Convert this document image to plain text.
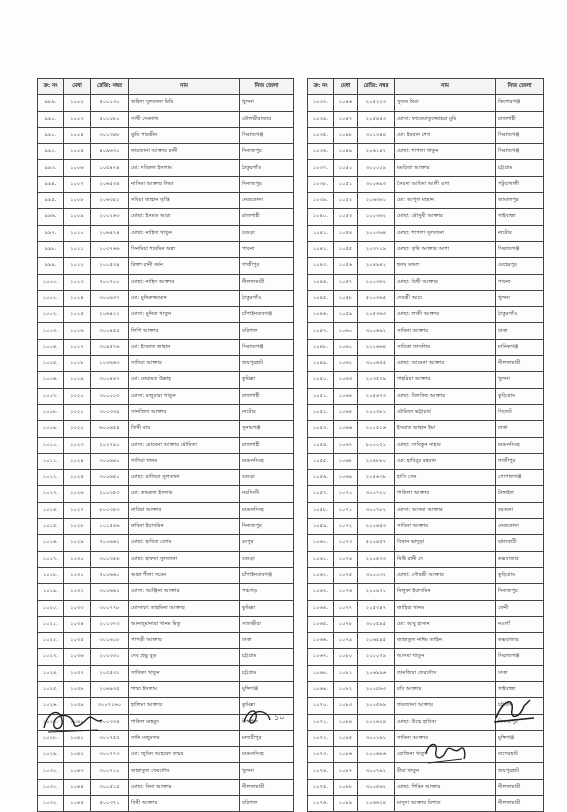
ক্র: নং	মেধা	রেজি: নম্বর	নাম	নিজ জেলা
৯৮৯.	১০০২	৫০০১৩০	অহিদা সুলতানা মিমি	খুলনা
৯৯০.	১০০৩	৫০০০৮০	সাথী দেবনাথ	মৌলভীবাজার
৯৯১.	১০০৪	৩০১৩৪৮	ঝুমি পারভীন	সিরাজগঞ্জ
৯৯২.	১০০৫	৪০৯৬৩১	ফারজানা আক্তার রানী	দিনাজপুর
৯৯৩.	১০০৬	১০৫৪৭৪	মো: দবিরুল ইসলাম	ঠাকুরগাঁও
৯৯৪.	১০০৭	২০৬৫৩৪	নাসিমা আক্তার লিমা	দিনাজপুর
৯৯৫.	১০০৮	২০৬৩৫২	সবিয়া জাহান তৃপ্তি	নেত্রকোনা
৯৯৬.	১০০৯	২০০২৬৩	মোছা: ইসমত আরা	রাজশাহী
৯৯৭.	১০১০	২০৬৪৭৪	মোছা: নাহিদা খাতুন	বগুড়া
৯৯৮.	১০১১	১০৩৭৬৬	সিনমিয়া শারমিন অন্না	পাবনা
৯৯৯.	১০১২	২০০৫৩৪	রিক্তা রানী বর্মন	গাজীপুর
১০০০.	১০১৩	৭০০৭০০	মোছা: নাহিদ আক্তার	নীলফামারী
১০০১.	১০১৪	৩০০৬৩৭	মো: মুনিরুজ্জামান	ঠাকুরগাঁও
১০০২.	১০১৫	২০৬৪২২	মোসা: মুনিরা খাতুন	চাঁপাইনবাবগঞ্জ
১০০৩.	১০১৬	৩০০৪৫৫	লিপি আক্তার	বরিশাল
১০০৪.	১০১৭	৩০৪৫৭৬	মো: ইসরাত জাহান	সিরাজগঞ্জ
১০০৫.	১০১৮	১০৩৬৬৩	সাদিয়া আক্তার	জয়পুরহাট
১০০৬.	১০১৯	৩০০৪৪৭	মো: নেয়ামত উল্লাহ	কুমিল্লা
১০০৭.	১০২০	৩০০০০৩	মোসা: মজুয়ারা খাতুন	রাজশাহী
১০০৮.	১০২১	৩০০৩৩৯	সানজিদা আক্তার	নাটোর
১০০৯.	১০২২	৬০০৬৫৪	তিথী রায়	সুনামগঞ্জ
১০১০.	১০২৩	২০২৭৯১	মোসা: মোমেনা আক্তার মৌমিতা	রাজশাহী
১০১১.	১০২৪	৩০০৬৪০	সাদিয়া খানম	ময়মনসিংহ
১০১২.	১০২৫	৩০০৬৫০	মোছা: রাজিয়া সুলতানা	বগুড়া
১০১৩.	১০২৬	২০০৩৫৩	মো: কামরুল ইসলাম	নরসিংদী
১০১৪.	১০২৭	৮০০৩৫৩	নাবিরা আক্তার	ময়মনসিংহ
১০১৫.	১০২৮	১০১৫৪৬	রুবিনা ইয়াসমিন	দিনাজপুর
১০১৬.	১০২৯	৭০০৬৬১	মোছা: হাবিবা বেগম	রংপুর
১০১৭.	১০৩০	৩০০৩৫৬	মোছা: হাফছা সুলতানা	বগুড়া
১০১৮.	১০৩১	৭০০৬৬০	আন্না শীলা সরেন	চাঁপাইনবাবগঞ্জ
১০১৯.	১০৩২	৩০০৬৬১	মোসা: আঞ্জিনা আক্তার	পঞ্চগড়
১০২০.	১০৩৩	৩০০৭৭৮	মোসাম্মৎ তাহমিনা আক্তার	কুমিল্লা
১০২১.	১০৩৪	২০১৩৭৩	আনজুমানারা খানম মিতু	সাতক্ষীরা
১০২২.	১০৩৫	৩০১৬১৮	পাপড়ী আক্তার	ঢাকা
১০২৩.	১০৩৬	২০০৩৩০	দেব প্রভু বুড়	চট্টগ্রাম
১০২৪.	১০৩৭	২০৩৫৩১	সাকিকা খাতুন	চট্টগ্রাম
১০২৫.	১০৩৮	২০৬৯৩৫	শাম্মা ইসলাম	মুন্সিগঞ্জ
১০২৬.	১০৩৯	৩০০৭১৬০	হালিমা আক্তার	কুমিল্লা
১০২৭.	১০৪০	৮০০৩৩৪	শাকিল মাহমুদ	টাঙ্গাইল
১০২৮.	১০৪১	৩০১৭৫৫	সানি মজুমদার	মাদারীপুর
১০২৯.	১০৪২	৩০০৭৭৩	মো: জুবিন আহমেদ তন্ময়	ময়মনসিংহ
১০৩০.	১০৪৩	৩০০৭১০	জান্নাতুল ফেরদৌস	খুলনা
১০৩১.	১০৪৪	৩০০৫১৫	মোছা: বিনা আক্তার	নীলফামারী
১০৩২.	১০৪৫	৫০০৩৭১	বিথী আক্তার	বরিশাল
ক্র: নং	মেধা	রেজি: নম্বর	নাম	নিজ জেলা
১০৩৩.	১০৪৬	২০৫২২৩	সুজন মিয়া	কিশোরগঞ্জ
১০৩৪.	১০৪৭	২০৫৪৫৩	মোসা: ফাতেমাতুজ্জোহরা মুমি	রাজশাহী
১০৩৫.	১০৪৮	৩০১৩৪৪	মো: ইমরান শেখ	সিরাজগঞ্জ
১০৩৬.	১০৪৯	২০৬১৪২	মোছা: শাপলা খাতুন	সিরাজগঞ্জ
১০৩৭.	১০৫০	৩০০০২৯	মমরিতা আক্তার	চট্টগ্রাম
১০৩৮.	১০৫১	৩০০৬৯৩	সৈয়দা আবিদা আলী এশা	পটুয়াখালী
১০৩৯.	১০৫২	২০৬৩৬১	মো: আপুল মান্নান	জামালপুর
১০৪০.	১০৫৩	১০০৩৬২	মোছা: মৌসুমী আক্তার	গাইবান্ধা
১০৪১.	১০৫৪	২০০৩৬৪	মোছা: শাপলা সুলতানা	নাটোর
১০৪২.	১০৫৫	২০৩৭১৯	মোছা: তৃষি আক্তার আশা	সিরাজগঞ্জ
১০৪৩.	১০৫৬	২০৪৯৪২	হৃদয় মন্ডল	মেহেরপুর
১০৪৪.	১০৫৭	২০০৩৬২	মোছা: বিথী আক্তার	পাবনা
১০৪৫.	১০৫৮	৫০০৩৬৫	দেবশ্রী আচ্য	খুলনা
১০৪৬.	১০৫৯	২০৫৩৬৩	মোছা: লাকী আক্তার	ঠাকুরগাঁও
১০৪৭.	১০৬০	৩০০৬৯২	সাবিনা আক্তার	ঢাকা
১০৪৮.	১০৬১	২০১৬৬৪	সাবিকা তাসলিম	মানিকগঞ্জ
১০৪৯.	১০৬২	৩০০৬৫৫	মোছা: আমেনা আক্তার	নীলফামারী
১০৫০.	১০৬৩	২০৩৫৭৯	শাহরিয়া আক্তার	খুলনা
১০৫১.	১০৬৪	২০৫৪৭৩	মোছা: বিলকিছ আক্তার	কুড়িগ্রাম
১০৫২.	১০৬৫	২০০৩৮১	মৌমিতা ভট্টাচার্য	সিলেট
১০৫৩.	১০৬৬	২০১৫১৬	ইসরাত জাহান ইমা	ঢাকা
১০৫৪.	১০৬৭	৮০০০২১	মোছা: সাবিকুন নাহার	ময়মনসিংহ
১০৫৫.	১০৬৮	২০৪৮৮০	মো: হাবিবুর রহমান	গাজীপুর
১০৫৬.	১০৬৯	২০৫৬৩৮	হাসি সেন	গোপালগঞ্জ
১০৫৭.	১০৭০	৩০০৭২০	শাকিলা আক্তার	টাঙ্গাইল
১০৫৮.	১০৭১	৩০০৭৮২	মোসা: আসমা আক্তার	বরগুনা
১০৫৯.	১০৭২	২০০৬৫৩	সাবিনা আক্তার	নেত্রকোনা
১০৬০.	১০৭৩	৫০০৪৫৭	বিথান ভাদুড়া	ঝালকাঠী
১০৬১.	১০৭৪	২০০৫৩৩	মিষ্টি রানী দে	কক্সবাজার
১০৬২.	১০৭৫	৩০০০৩২	মোছা: সৌরভী আক্তার	কুড়িগ্রাম
১০৬৩.	১০৭৬	২০০৯৭১	নিলুফা ইয়াসমিন	দিনাজপুর
১০৬৪.	১০৭৭	২০৫৩৪৭	জাহিরা খানম	ফেনী
১০৬৫.	১০৭৮	৩০০৫৯৫	মো: আবু হাসান	নওগাঁ
১০৬৬.	১০৭৯	২০৬৫৪৫	জান্নাতুল নাঈম তাহিন	কক্সবাজার
১০৬৭.	১০৮০	২০১০৭৯	আসমা খাতুন	সিরাজগঞ্জ
১০৬৮.	১০৮১	২০৬৯৯৬	তানজিয়া ফেরদৌস	ঢাকা
১০৬৯.	১০৮২	২০০৫৬৩	রবি আক্তার	গাইবান্ধা
১০৭০.	১০৮৩	২০০৫৬৯	ফারজানা আক্তার	চট্টগ্রাম
১০৭১.	১০৮৪	২০১৬২৪	মোছা: উম্মে হাবিবা	দিনাজপুর
১০৭২.	১০৮৫	৩০০১৬১	সাবিনা আক্তার	মুন্সিগঞ্জ
১০৭৩.	১০৮৬	২০০৬৮৬	রোজিনা খাতুন	বাগেরহাট
১০৭৪.	১০৮৭	৩০০৭৯২	রীমা খাতুন	জয়পুরহাট
১০৭৫.	১০৮৮	৩০০৫৬২	মোছা: শিরিন আক্তার	নীলফামারী
১০৭৬.	১০৮৯	২০৬৬২৪	মাসুদা আক্তার মিশাত	নীলফামারী
১০
